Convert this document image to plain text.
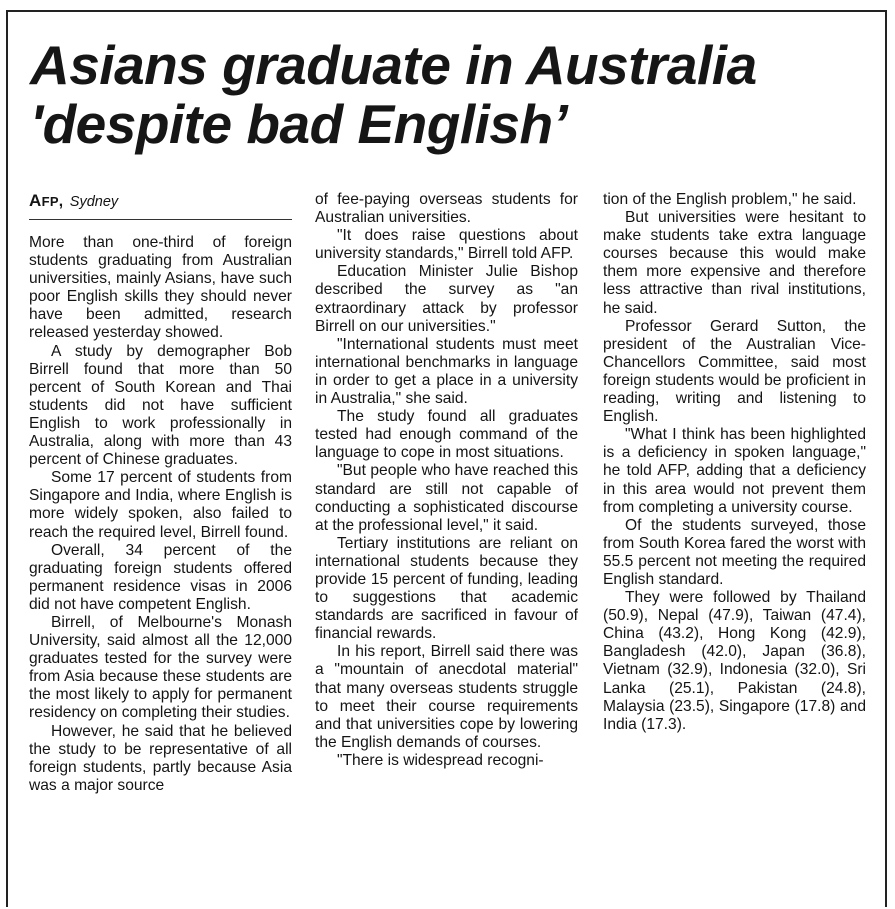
Asians graduate in Australia
'despite bad English’
AFP, Sydney

More than one-third of foreign students graduating from Australian universities, mainly Asians, have such poor English skills they should never have been admitted, research released yesterday showed.

A study by demographer Bob Birrell found that more than 50 percent of South Korean and Thai students did not have sufficient English to work professionally in Australia, along with more than 43 percent of Chinese graduates.

Some 17 percent of students from Singapore and India, where English is more widely spoken, also failed to reach the required level, Birrell found.

Overall, 34 percent of the graduating foreign students offered permanent residence visas in 2006 did not have competent English.

Birrell, of Melbourne's Monash University, said almost all the 12,000 graduates tested for the survey were from Asia because these students are the most likely to apply for permanent residency on completing their studies.

However, he said that he believed the study to be representative of all foreign students, partly because Asia was a major source

of fee-paying overseas students for Australian universities.

"It does raise questions about university standards," Birrell told AFP.

Education Minister Julie Bishop described the survey as "an extraordinary attack by professor Birrell on our universities."

"International students must meet international benchmarks in language in order to get a place in a university in Australia," she said.

The study found all graduates tested had enough command of the language to cope in most situations.

"But people who have reached this standard are still not capable of conducting a sophisticated discourse at the professional level," it said.

Tertiary institutions are reliant on international students because they provide 15 percent of funding, leading to suggestions that academic standards are sacrificed in favour of financial rewards.

In his report, Birrell said there was a "mountain of anecdotal material" that many overseas students struggle to meet their course requirements and that universities cope by lowering the English demands of courses.

"There is widespread recogni-

tion of the English problem," he said.

But universities were hesitant to make students take extra language courses because this would make them more expensive and therefore less attractive than rival institutions, he said.

Professor Gerard Sutton, the president of the Australian Vice-Chancellors Committee, said most foreign students would be proficient in reading, writing and listening to English.

"What I think has been highlighted is a deficiency in spoken language," he told AFP, adding that a deficiency in this area would not prevent them from completing a university course.

Of the students surveyed, those from South Korea fared the worst with 55.5 percent not meeting the required English standard.

They were followed by Thailand (50.9), Nepal (47.9), Taiwan (47.4), China (43.2), Hong Kong (42.9), Bangladesh (42.0), Japan (36.8), Vietnam (32.9), Indonesia (32.0), Sri Lanka (25.1), Pakistan (24.8), Malaysia (23.5), Singapore (17.8) and India (17.3).
